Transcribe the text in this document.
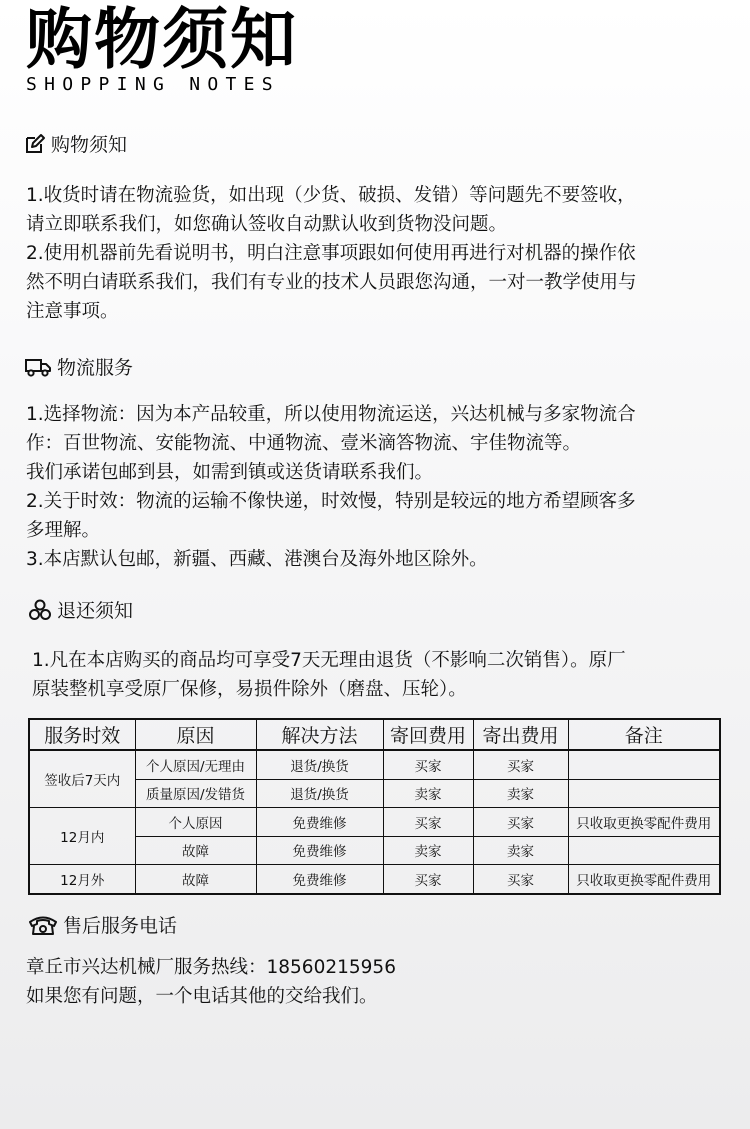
购物须知
SHOPPING NOTES
购物须知

1.收货时请在物流验货，如出现（少货、破损、发错）等问题先不要签收，

请立即联系我们，如您确认签收自动默认收到货物没问题。

2.使用机器前先看说明书，明白注意事项跟如何使用再进行对机器的操作依

然不明白请联系我们，我们有专业的技术人员跟您沟通，一对一教学使用与

注意事项。

物流服务

1.选择物流：因为本产品较重，所以使用物流运送，兴达机械与多家物流合

作：百世物流、安能物流、中通物流、壹米滴答物流、宇佳物流等。

我们承诺包邮到县，如需到镇或送货请联系我们。

2.关于时效：物流的运输不像快递，时效慢，特别是较远的地方希望顾客多

多理解。

3.本店默认包邮，新疆、西藏、港澳台及海外地区除外。

退还须知

1.凡在本店购买的商品均可享受7天无理由退货（不影响二次销售）。原厂

原装整机享受原厂保修，易损件除外（磨盘、压轮）。

服务时效	原因	解决方法	寄回费用	寄出费用	备注
签收后7天内	个人原因/无理由	退货/换货	买家	买家	
	质量原因/发错货	退货/换货	卖家	卖家	
12月内	个人原因	免费维修	买家	买家	只收取更换零配件费用
	故障	免费维修	卖家	卖家	
12月外	故障	免费维修	买家	买家	只收取更换零配件费用
售后服务电话
章丘市兴达机械厂服务热线：18560215956
如果您有问题，一个电话其他的交给我们。
